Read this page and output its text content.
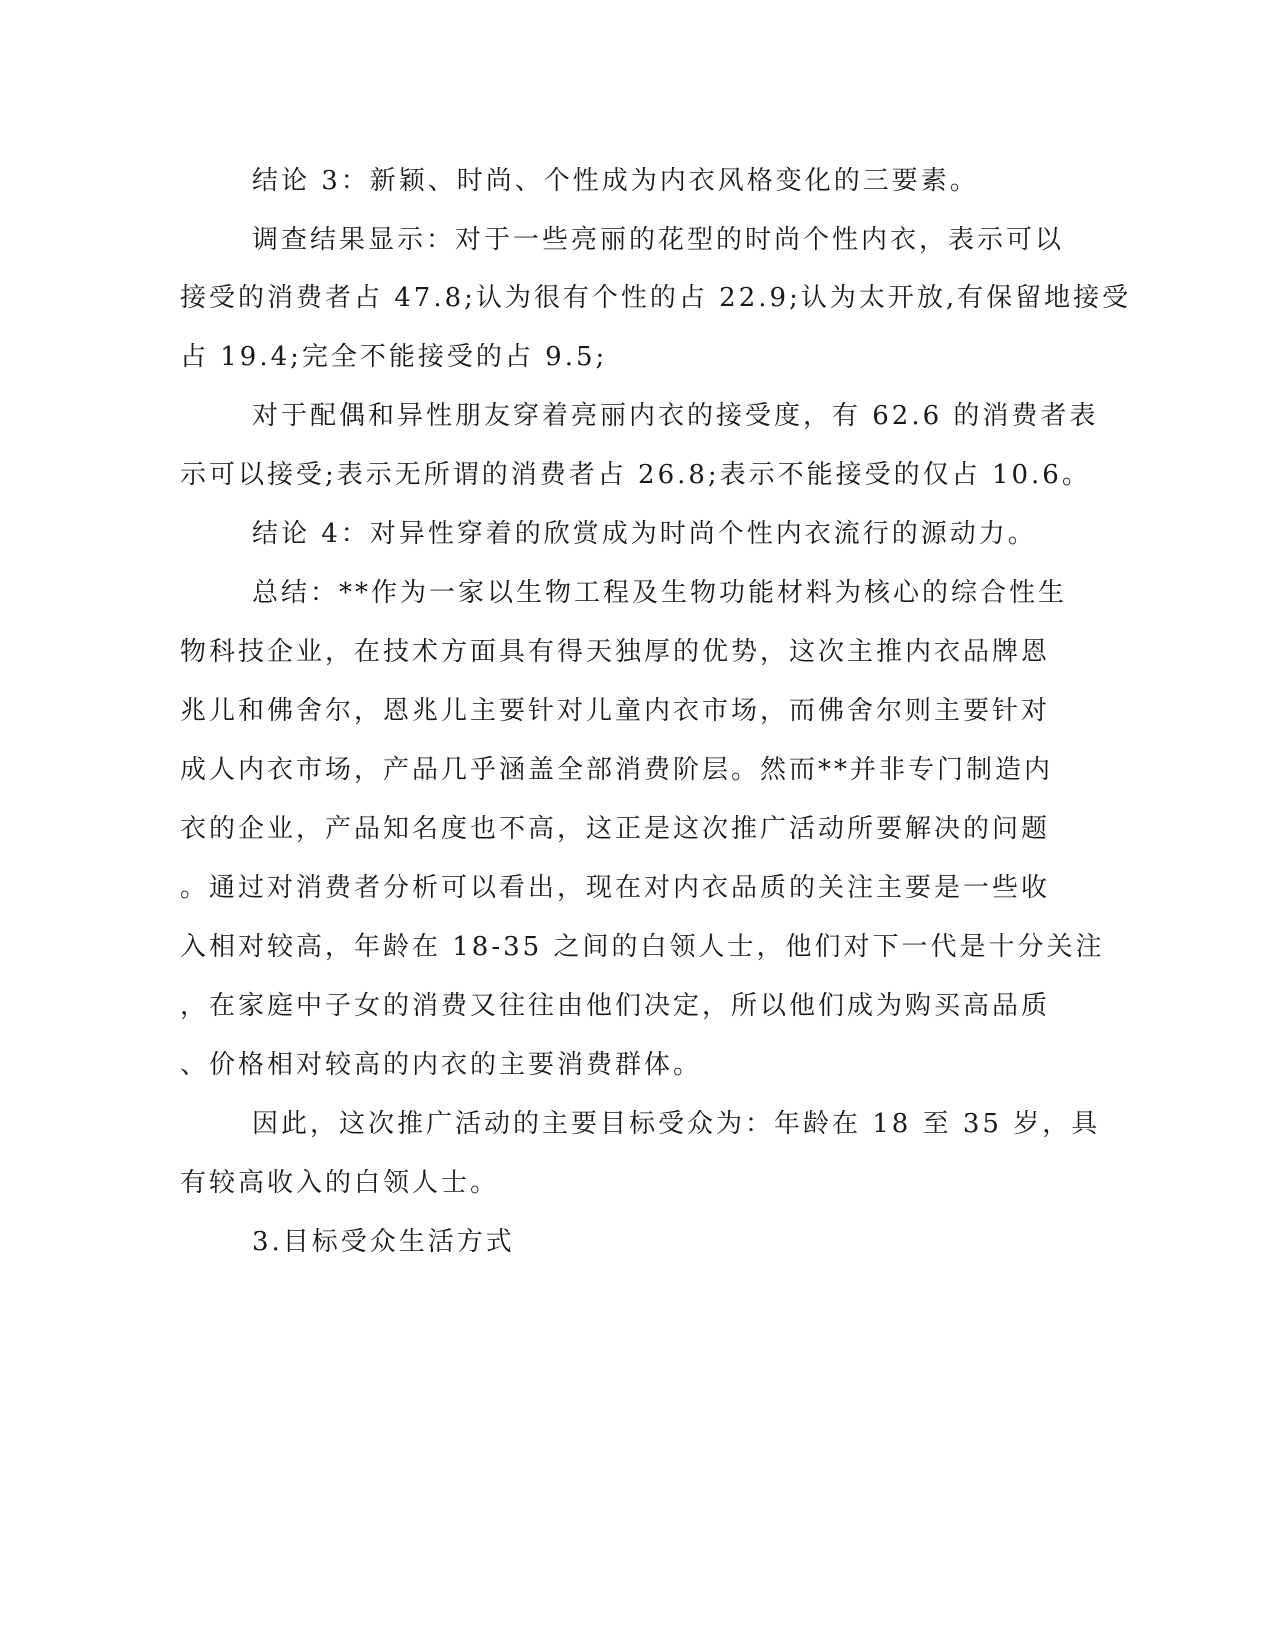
结论 3：新颖、时尚、个性成为内衣风格变化的三要素。
调查结果显示：对于一些亮丽的花型的时尚个性内衣，表示可以
接受的消费者占 47.8;认为很有个性的占 22.9;认为太开放,有保留地接受
占 19.4;完全不能接受的占 9.5;
对于配偶和异性朋友穿着亮丽内衣的接受度，有 62.6 的消费者表
示可以接受;表示无所谓的消费者占 26.8;表示不能接受的仅占 10.6。
结论 4：对异性穿着的欣赏成为时尚个性内衣流行的源动力。
总结：**作为一家以生物工程及生物功能材料为核心的综合性生
物科技企业，在技术方面具有得天独厚的优势，这次主推内衣品牌恩
兆儿和佛舍尔，恩兆儿主要针对儿童内衣市场，而佛舍尔则主要针对
成人内衣市场，产品几乎涵盖全部消费阶层。然而**并非专门制造内
衣的企业，产品知名度也不高，这正是这次推广活动所要解决的问题
。通过对消费者分析可以看出，现在对内衣品质的关注主要是一些收
入相对较高，年龄在 18-35 之间的白领人士，他们对下一代是十分关注
，在家庭中子女的消费又往往由他们决定，所以他们成为购买高品质
、价格相对较高的内衣的主要消费群体。
因此，这次推广活动的主要目标受众为：年龄在 18 至 35 岁，具
有较高收入的白领人士。
3.目标受众生活方式
